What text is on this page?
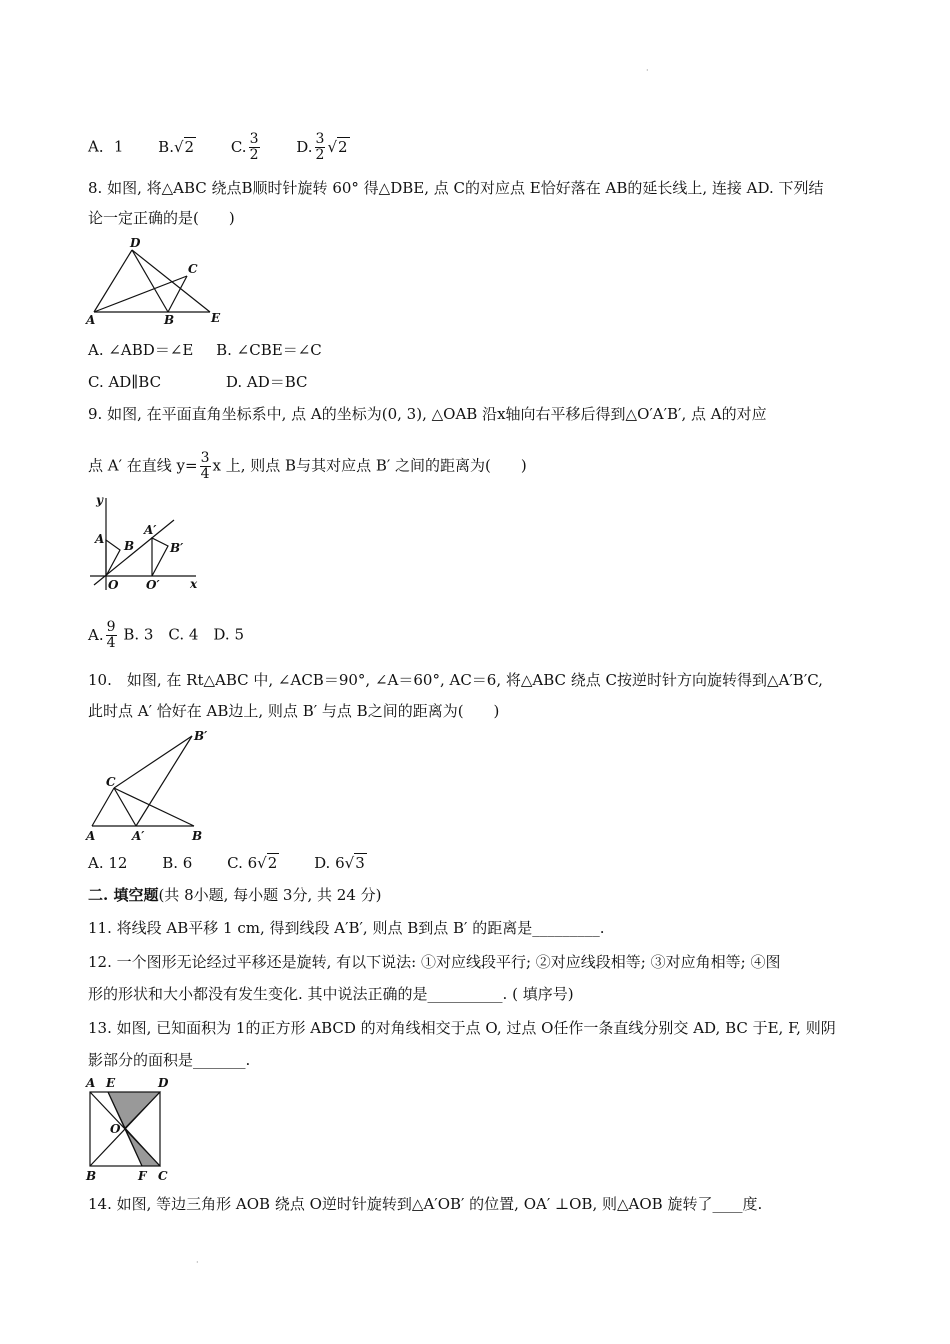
·
A．1 B.√2 C. $\frac{3}{2} D$. $\frac{3}{2} √2$
8. 如图, 将△ABC 绕点B顺时针旋转 60° 得△DBE, 点 C的对应点 E恰好落在 AB的延长线上, 连接 AD. 下列结
论一定正确的是(　　)
D
C
A	B	E
A. ∠ABD＝∠E B. ∠CBE＝∠C
C. AD∥BC	D. AD＝BC
9. 如图, 在平面直角坐标系中, 点 A的坐标为(0, 3), △OAB 沿x轴向右平移后得到△O′A′B′, 点 A的对应
点 A′ 在直线 $y= \frac{3}{4}$ x 上, 则点 B与其对应点 B′ 之间的距离为(　　)
y
x
A B
O
A′
B′
O′
A. $\frac{9}{4} B$. 3　C. 4　D. 5
10.　如图, 在 Rt△ABC 中, ∠ACB＝90°, ∠A＝60°, AC＝6, 将△ABC 绕点 C按逆时针方向旋转得到△A′B′C,
此时点 A′ 恰好在 AB边上, 则点 B′ 与点 B之间的距离为(　　)
B′
C
A	A′	B
A. 12 B. 6 C. 6√2 D. 6√3
二. 填空题(共 8小题, 每小题 3分, 共 24 分)
11. 将线段 AB平移 1 cm, 得到线段 A′B′, 则点 B到点 B′ 的距离是_________.
12. 一个图形无论经过平移还是旋转, 有以下说法: ①对应线段平行; ②对应线段相等; ③对应角相等; ④图
形的形状和大小都没有发生变化. 其中说法正确的是__________. ( 填序号)
13. 如图, 已知面积为 1的正方形 ABCD 的对角线相交于点 O, 过点 O任作一条直线分别交 AD, BC 于E, F, 则阴
影部分的面积是_______.
A E	D
O
B	F C
14. 如图, 等边三角形 AOB 绕点 O逆时针旋转到△A′OB′ 的位置, OA′ ⊥OB, 则△AOB 旋转了____度.
·
